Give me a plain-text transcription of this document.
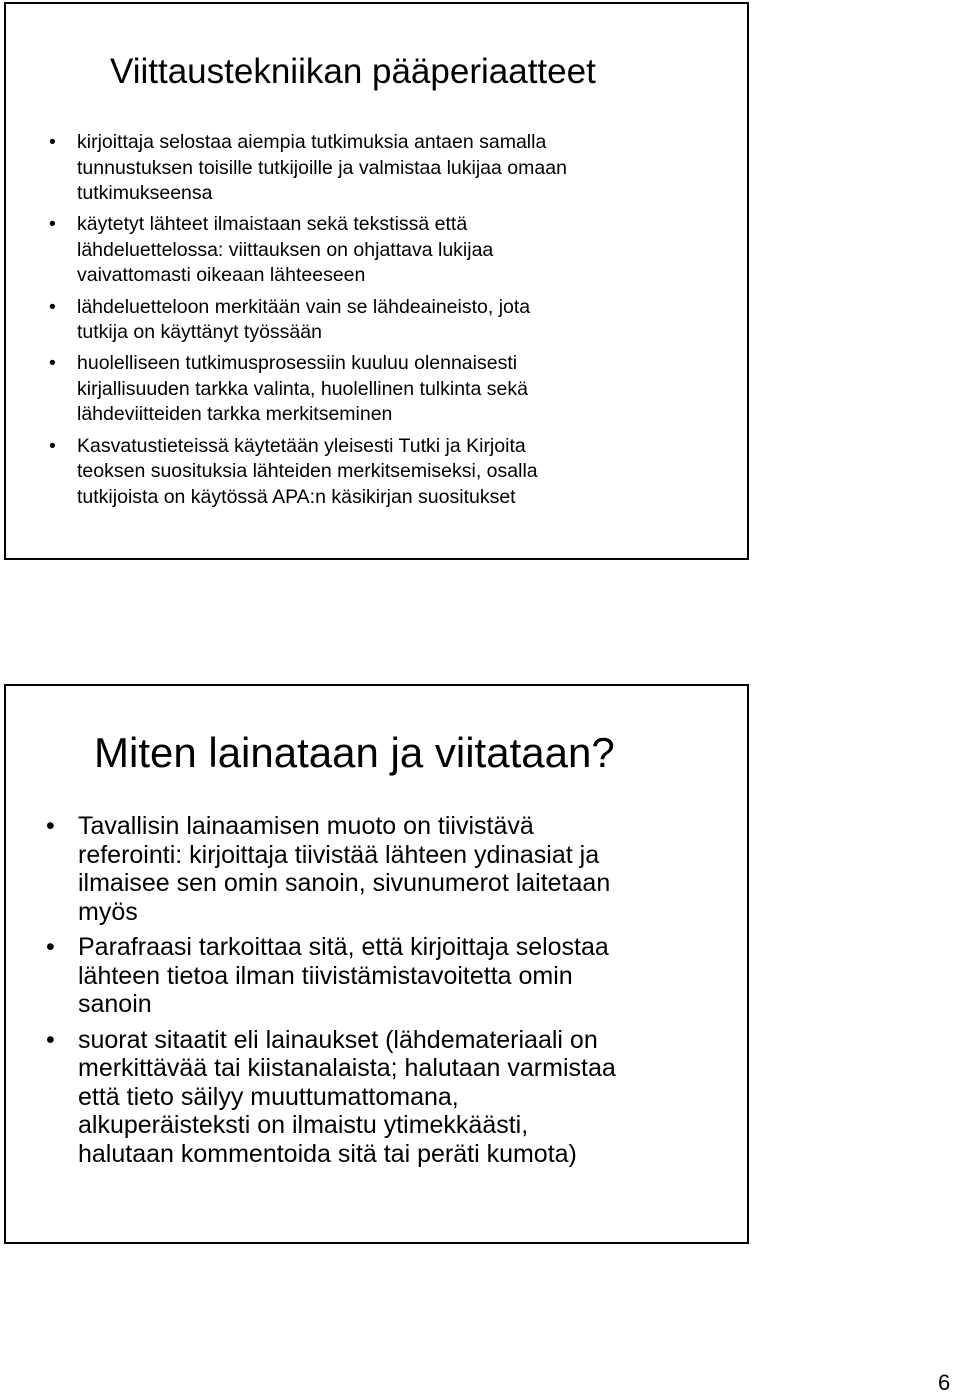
Viittaustekniikan pääperiaatteet
• kirjoittaja selostaa aiempia tutkimuksia antaen samalla
tunnustuksen toisille tutkijoille ja valmistaa lukijaa omaan
tutkimukseensa
• käytetyt lähteet ilmaistaan sekä tekstissä että
lähdeluettelossa: viittauksen on ohjattava lukijaa
vaivattomasti oikeaan lähteeseen
• lähdeluetteloon merkitään vain se lähdeaineisto, jota
tutkija on käyttänyt työssään
• huolelliseen tutkimusprosessiin kuuluu olennaisesti
kirjallisuuden tarkka valinta, huolellinen tulkinta sekä
lähdeviitteiden tarkka merkitseminen
• Kasvatustieteissä käytetään yleisesti Tutki ja Kirjoita
teoksen suosituksia lähteiden merkitsemiseksi, osalla
tutkijoista on käytössä APA:n käsikirjan suositukset
Miten lainataan ja viitataan?
• Tavallisin lainaamisen muoto on tiivistävä
referointi: kirjoittaja tiivistää lähteen ydinasiat ja
ilmaisee sen omin sanoin, sivunumerot laitetaan
myös
• Parafraasi tarkoittaa sitä, että kirjoittaja selostaa
lähteen tietoa ilman tiivistämistavoitetta omin
sanoin
• suorat sitaatit eli lainaukset (lähdemateriaali on
merkittävää tai kiistanalaista; halutaan varmistaa
että tieto säilyy muuttumattomana,
alkuperäisteksti on ilmaistu ytimekkäästi,
halutaan kommentoida sitä tai peräti kumota)
6
